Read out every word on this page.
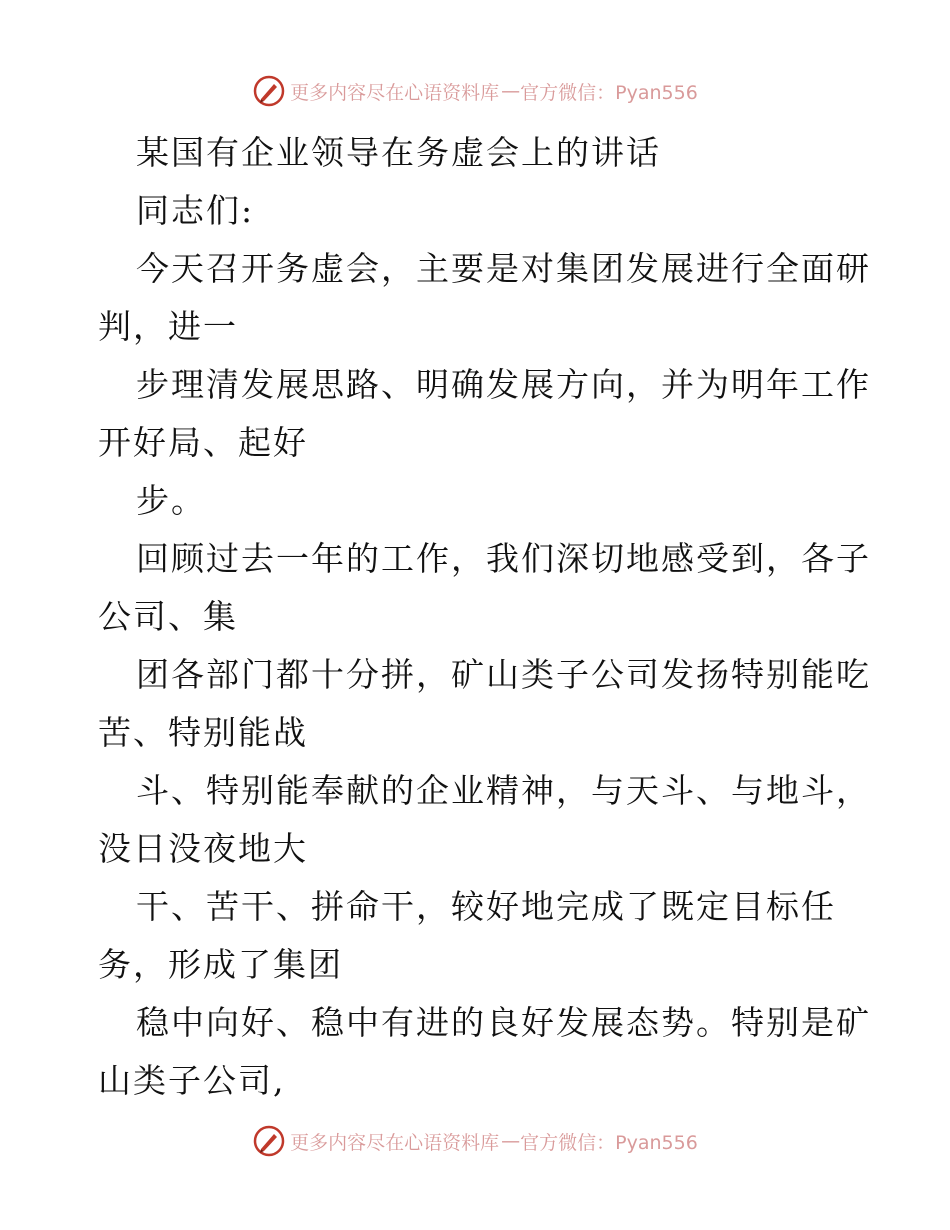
更多内容尽在心语资料库 — 官方微信：Pyan556
某国有企业领导在务虚会上的讲话
同志们:
今天召开务虚会，主要是对集团发展进行全面研
判，进一
步理清发展思路、明确发展方向，并为明年工作
开好局、起好
步。
回顾过去一年的工作，我们深切地感受到，各子
公司、集
团各部门都十分拼，矿山类子公司发扬特别能吃
苦、特别能战
斗、特别能奉献的企业精神，与天斗、与地斗，
没日没夜地大
干、苦干、拼命干，较好地完成了既定目标任
务，形成了集团
稳中向好、稳中有进的良好发展态势。特别是矿
山类子公司,
更多内容尽在心语资料库 — 官方微信：Pyan556
